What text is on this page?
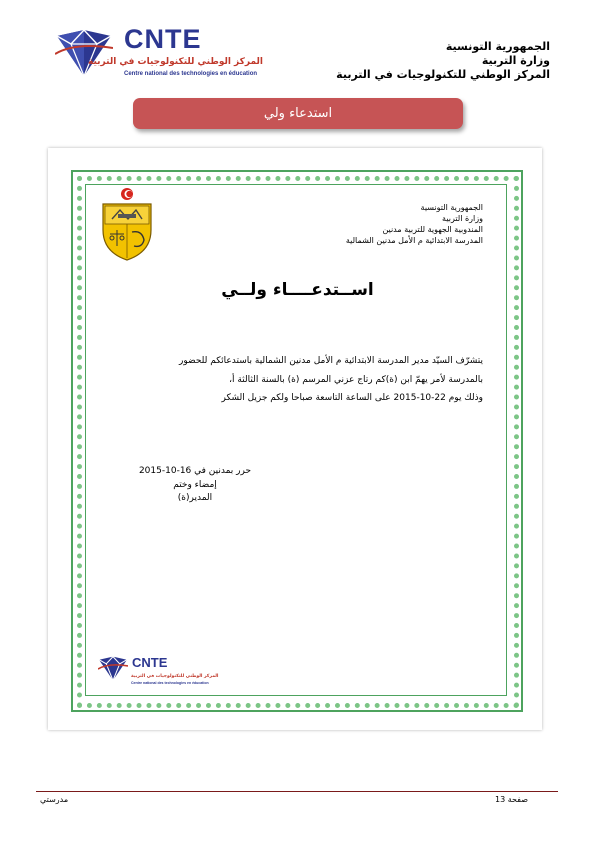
CNTE
المركز الوطني للتكنولوجيات في التربية
Centre national des technologies en éducation
الجمهورية التونسية
وزارة التربية
المركز الوطني للتكنولوجيات في التربية
استدعاء ولي
الجمهورية التونسية
وزارة التربية
المندوبية الجهوية للتربية مدنين
المدرسة الابتدائية م الأمل مدنين الشمالية
اســتدعــــاء ولــي
يتشرّف السيّد مدير المدرسة الابتدائية م الأمل مدنين الشمالية باستدعائكم للحضور
بالمدرسة لأمر يهمّ ابن (ة)كم رتاج عزني المرسم (ة) بالسنة الثالثة أ،
وذلك يوم 22-10-2015 على الساعة التاسعة صباحا ولكم جزيل الشكر
حرر بمدنين في 16-10-2015
إمضاء وختم
المدير(ة)
CNTE
المركز الوطني للتكنولوجيات في التربية
Centre national des technologies en éducation
صفحة 13
مدرستي
